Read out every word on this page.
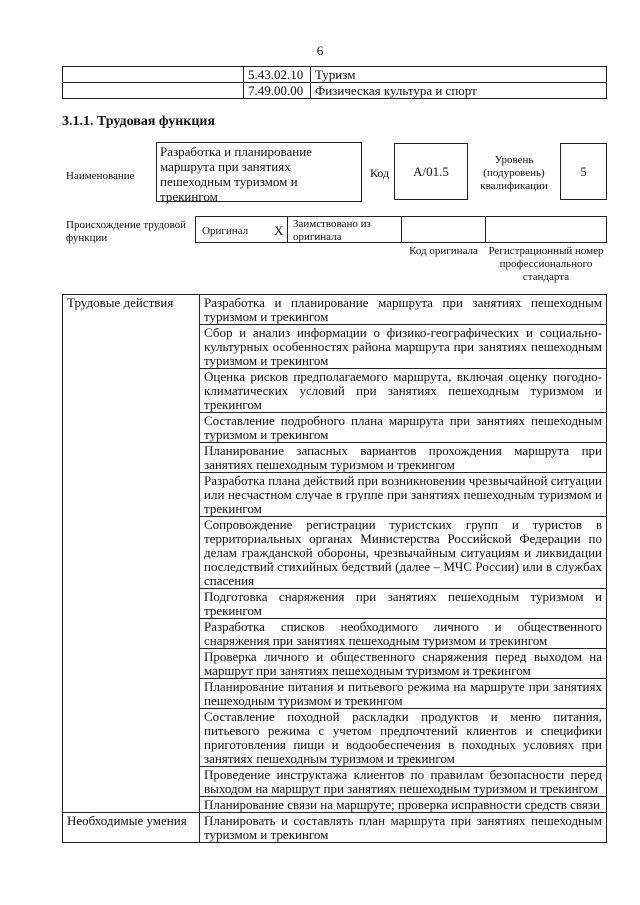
6
	5.43.02.10	Туризм
	7.49.00.00	Физическая культура и спорт
3.1.1. Трудовая функция
Наименование
Разработка и планирование маршрута при занятиях пешеходным туризмом и трекингом
Код	A/01.5
Уровень (подуровень) квалификации
5
Происхождение трудовой функции
Оригинал X Заимствовано из оригинала
Код оригинала Регистрационный номер профессионального стандарта
Трудовые действия	Разработка и планирование маршрута при занятиях пешеходным туризмом и трекингом
	Сбор и анализ информации о физико-географических и социально-культурных особенностях района маршрута при занятиях пешеходным туризмом и трекингом
	Оценка рисков предполагаемого маршрута, включая оценку погодно-климатических условий при занятиях пешеходным туризмом и трекингом
	Составление подробного плана маршрута при занятиях пешеходным туризмом и трекингом
	Планирование запасных вариантов прохождения маршрута при занятиях пешеходным туризмом и трекингом
	Разработка плана действий при возникновении чрезвычайной ситуации или несчастном случае в группе при занятиях пешеходным туризмом и трекингом
	Сопровождение регистрации туристских групп и туристов в территориальных органах Министерства Российской Федерации по делам гражданской обороны, чрезвычайным ситуациям и ликвидации последствий стихийных бедствий (далее – МЧС России) или в службах спасения
	Подготовка снаряжения при занятиях пешеходным туризмом и трекингом
	Разработка списков необходимого личного и общественного снаряжения при занятиях пешеходным туризмом и трекингом
	Проверка личного и общественного снаряжения перед выходом на маршрут при занятиях пешеходным туризмом и трекингом
	Планирование питания и питьевого режима на маршруте при занятиях пешеходным туризмом и трекингом
	Составление походной раскладки продуктов и меню питания, питьевого режима с учетом предпочтений клиентов и специфики приготовления пищи и водообеспечения в походных условиях при занятиях пешеходным туризмом и трекингом
	Проведение инструктажа клиентов по правилам безопасности перед выходом на маршрут при занятиях пешеходным туризмом и трекингом
	Планирование связи на маршруте; проверка исправности средств связи
Необходимые умения	Планировать и составлять план маршрута при занятиях пешеходным туризмом и трекингом
